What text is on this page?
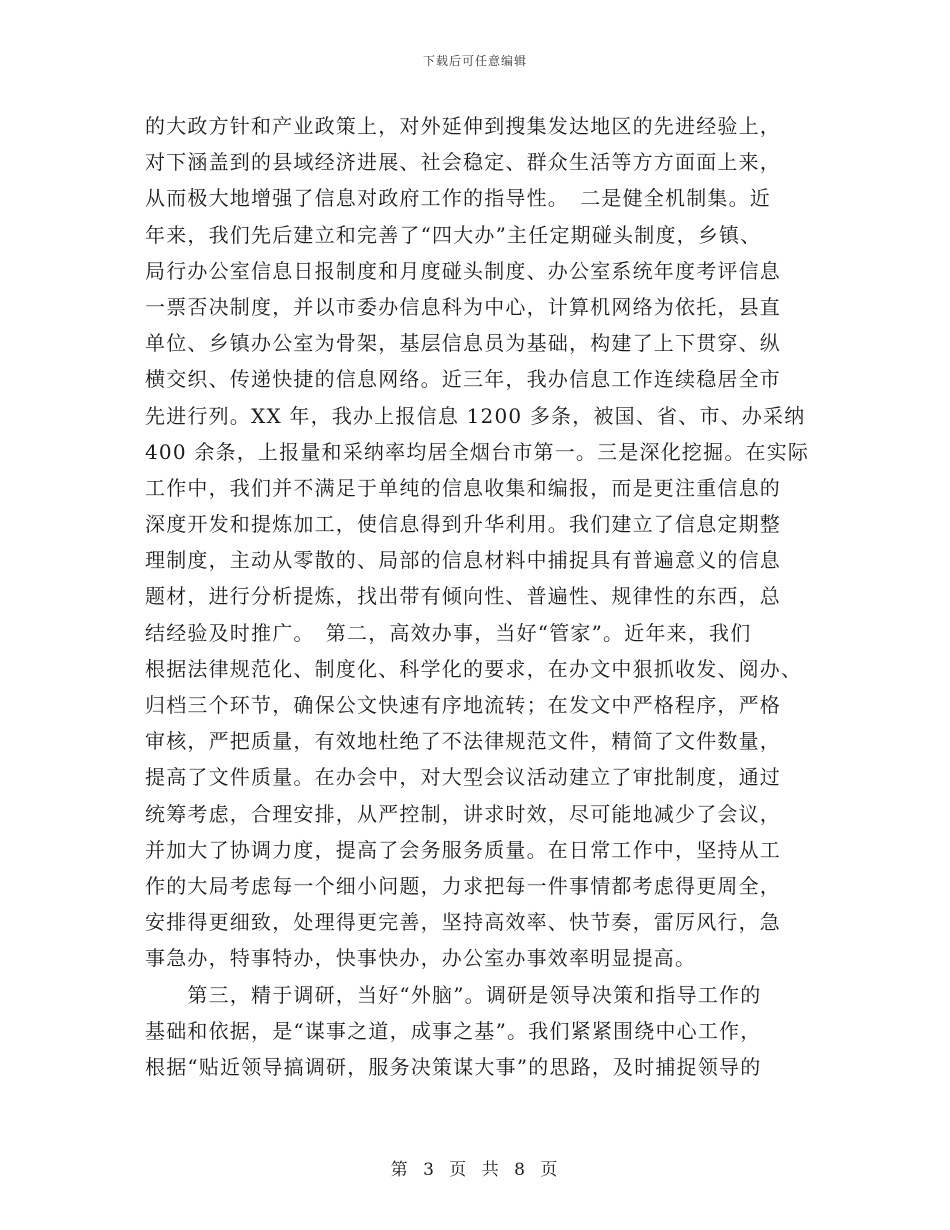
下载后可任意编辑
的大政方针和产业政策上，对外延伸到搜集发达地区的先进经验上，
对下涵盖到的县域经济进展、社会稳定、群众生活等方方面面上来，
从而极大地增强了信息对政府工作的指导性。　二是健全机制集。近
年来，我们先后建立和完善了“四大办”主任定期碰头制度，乡镇、
局行办公室信息日报制度和月度碰头制度、办公室系统年度考评信息
一票否决制度，并以市委办信息科为中心，计算机网络为依托，县直
单位、乡镇办公室为骨架，基层信息员为基础，构建了上下贯穿、纵
横交织、传递快捷的信息网络。近三年，我办信息工作连续稳居全市
先进行列。XX 年，我办上报信息 1200 多条，被国、省、市、办采纳
400 余条，上报量和采纳率均居全烟台市第一。三是深化挖掘。在实际
工作中，我们并不满足于单纯的信息收集和编报，而是更注重信息的
深度开发和提炼加工，使信息得到升华利用。我们建立了信息定期整
理制度，主动从零散的、局部的信息材料中捕捉具有普遍意义的信息
题材，进行分析提炼，找出带有倾向性、普遍性、规律性的东西，总
结经验及时推广。　第二，高效办事，当好“管家”。近年来，我们
根据法律规范化、制度化、科学化的要求，在办文中狠抓收发、阅办、
归档三个环节，确保公文快速有序地流转；在发文中严格程序，严格
审核，严把质量，有效地杜绝了不法律规范文件，精简了文件数量，
提高了文件质量。在办会中，对大型会议活动建立了审批制度，通过
统筹考虑，合理安排，从严控制，讲求时效，尽可能地减少了会议，
并加大了协调力度，提高了会务服务质量。在日常工作中，坚持从工
作的大局考虑每一个细小问题，力求把每一件事情都考虑得更周全，
安排得更细致，处理得更完善，坚持高效率、快节奏，雷厉风行，急
事急办，特事特办，快事快办，办公室办事效率明显提高。
　　第三，精于调研，当好“外脑”。调研是领导决策和指导工作的
基础和依据，是“谋事之道，成事之基”。我们紧紧围绕中心工作，
根据“贴近领导搞调研，服务决策谋大事”的思路，及时捕捉领导的
第 3 页 共 8 页
